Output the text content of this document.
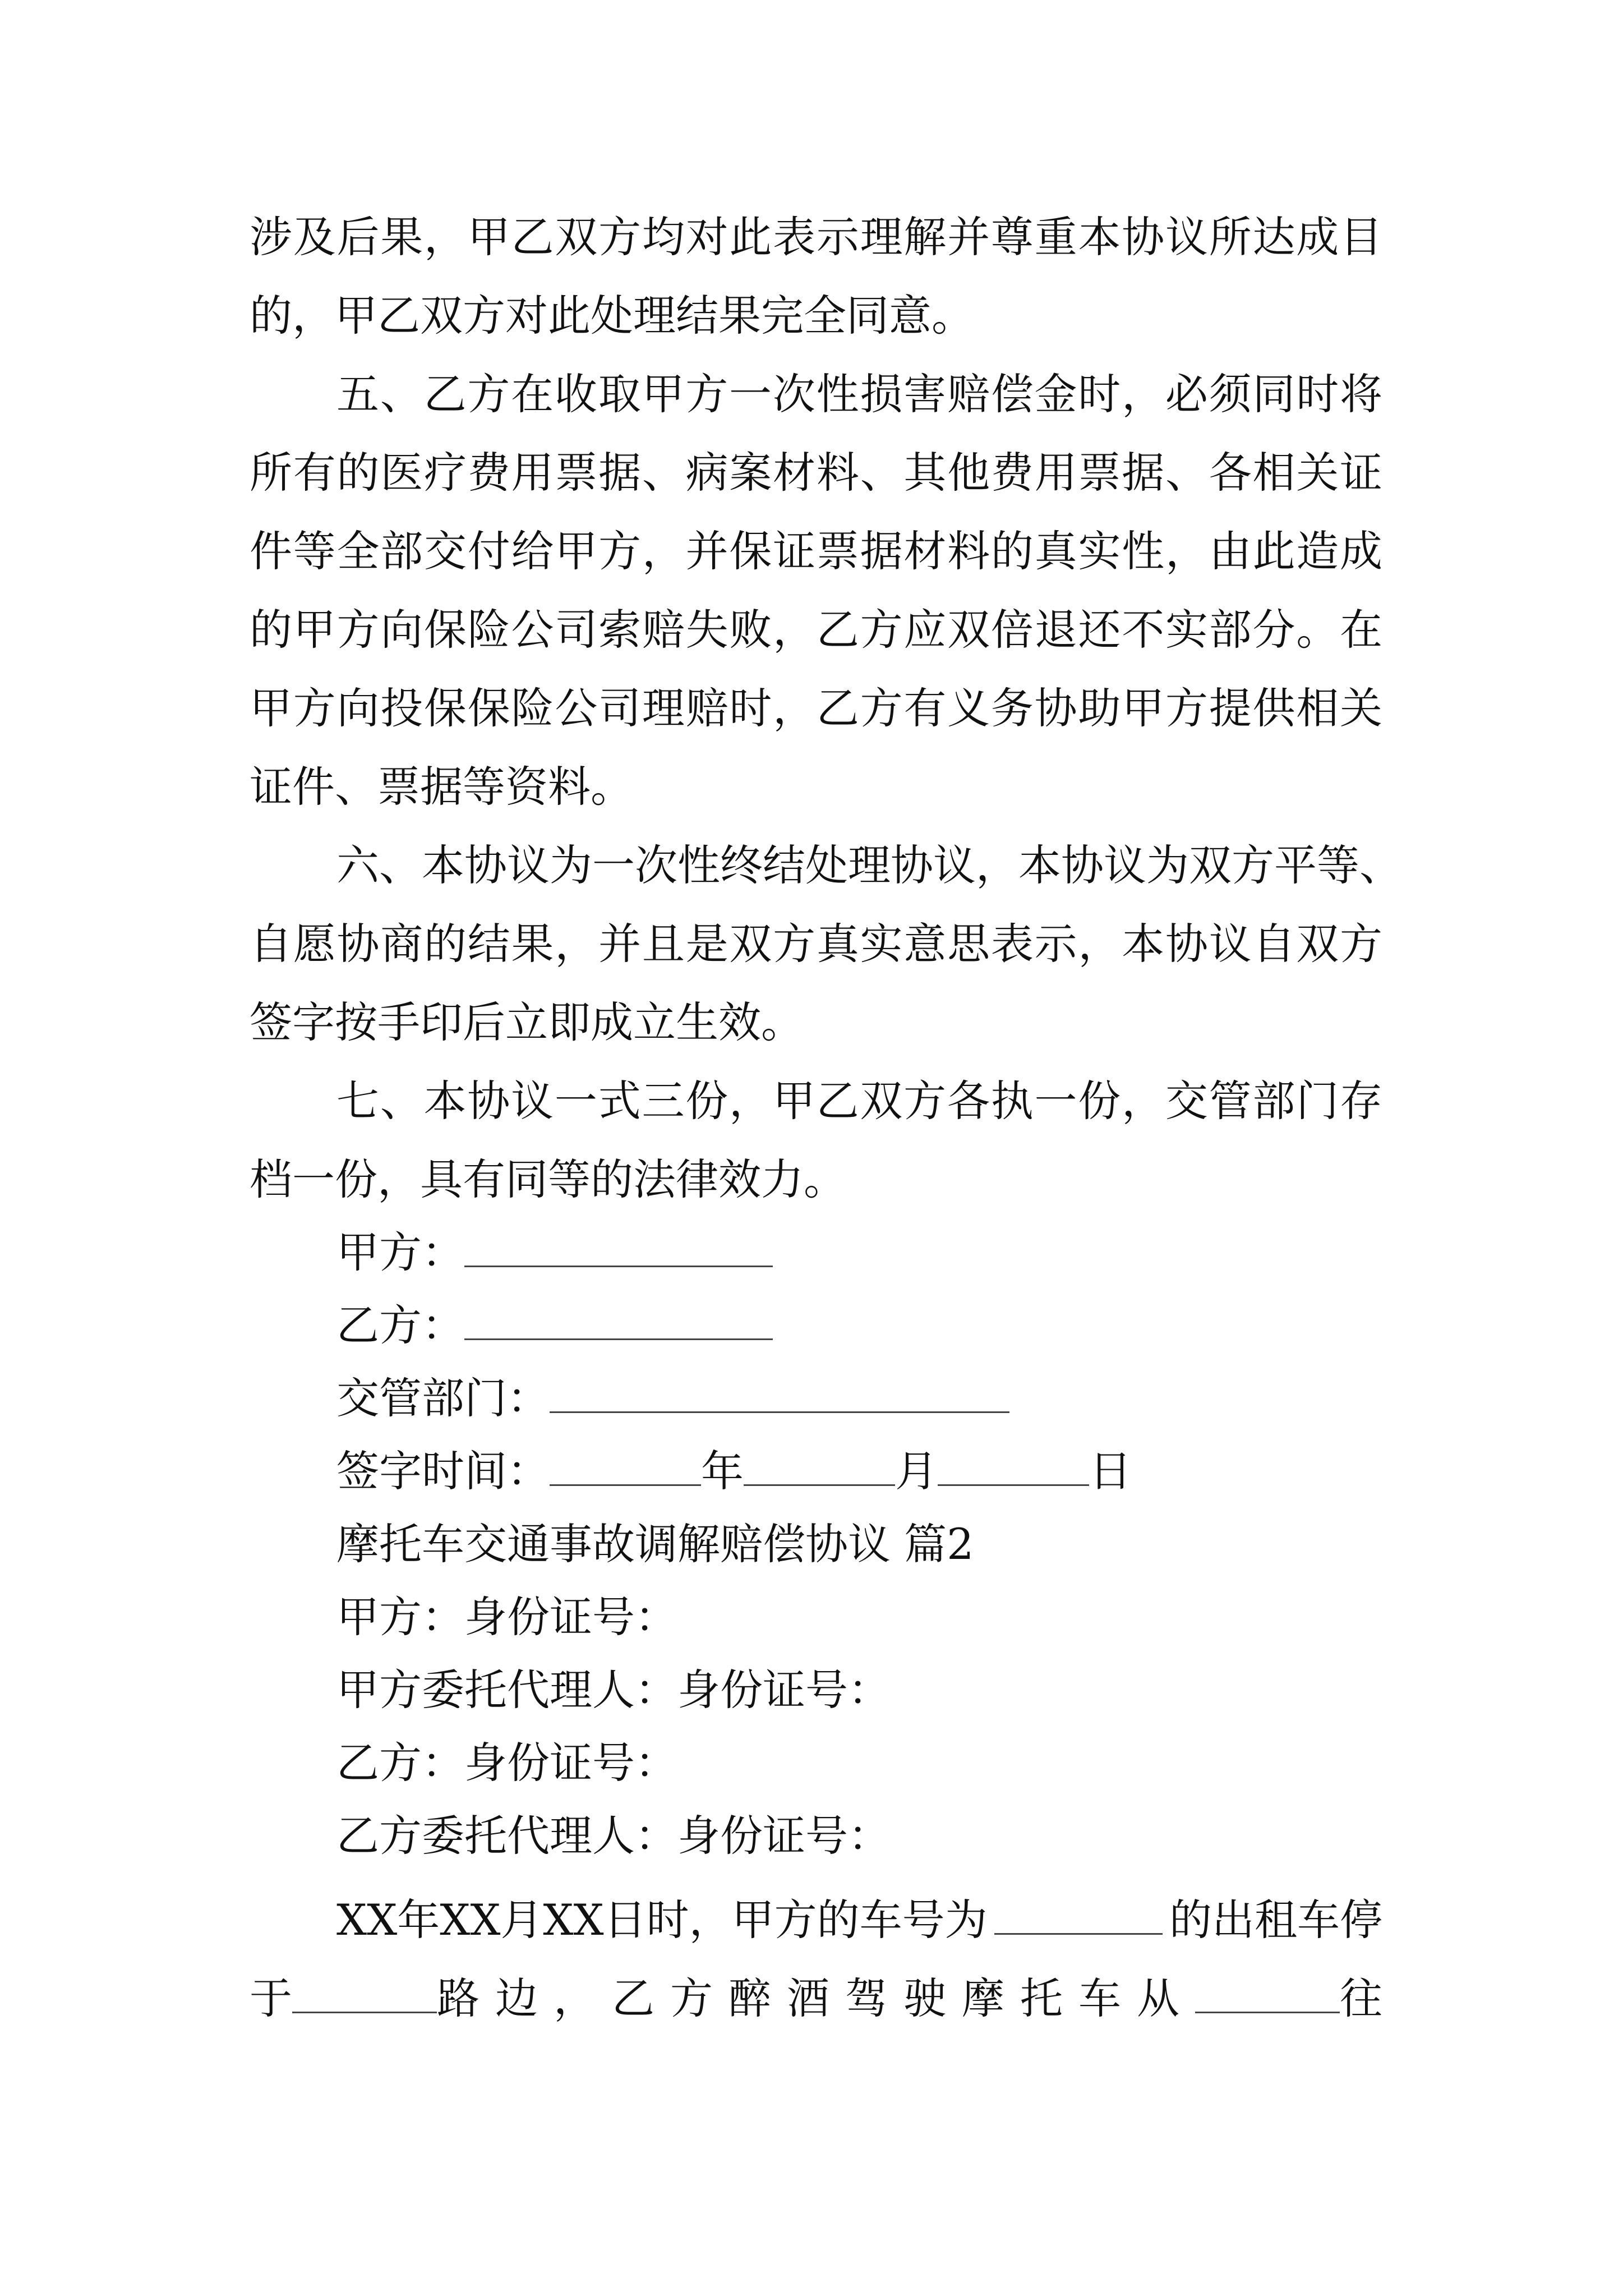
涉及后果，甲乙双方均对此表示理解并尊重本协议所达成目
的，甲乙双方对此处理结果完全同意。
五、乙方在收取甲方一次性损害赔偿金时，必须同时将
所有的医疗费用票据、病案材料、其他费用票据、各相关证
件等全部交付给甲方，并保证票据材料的真实性，由此造成
的甲方向保险公司索赔失败，乙方应双倍退还不实部分。在
甲方向投保保险公司理赔时，乙方有义务协助甲方提供相关
证件、票据等资料。
六、本协议为一次性终结处理协议，本协议为双方平等、
自愿协商的结果，并且是双方真实意思表示，本协议自双方
签字按手印后立即成立生效。
七、本协议一式三份，甲乙双方各执一份，交管部门存
档一份，具有同等的法律效力。
甲方：
乙方：
交管部门：
签字时间：	年	月	日
摩托车交通事故调解赔偿协议 篇2
甲方：身份证号：
甲方委托代理人：身份证号：
乙方：身份证号：
乙方委托代理人：身份证号：
XX年XX月XX日时，甲方的车号为	的出租车停
于	路边，乙方醉酒驾驶摩托车从	往
